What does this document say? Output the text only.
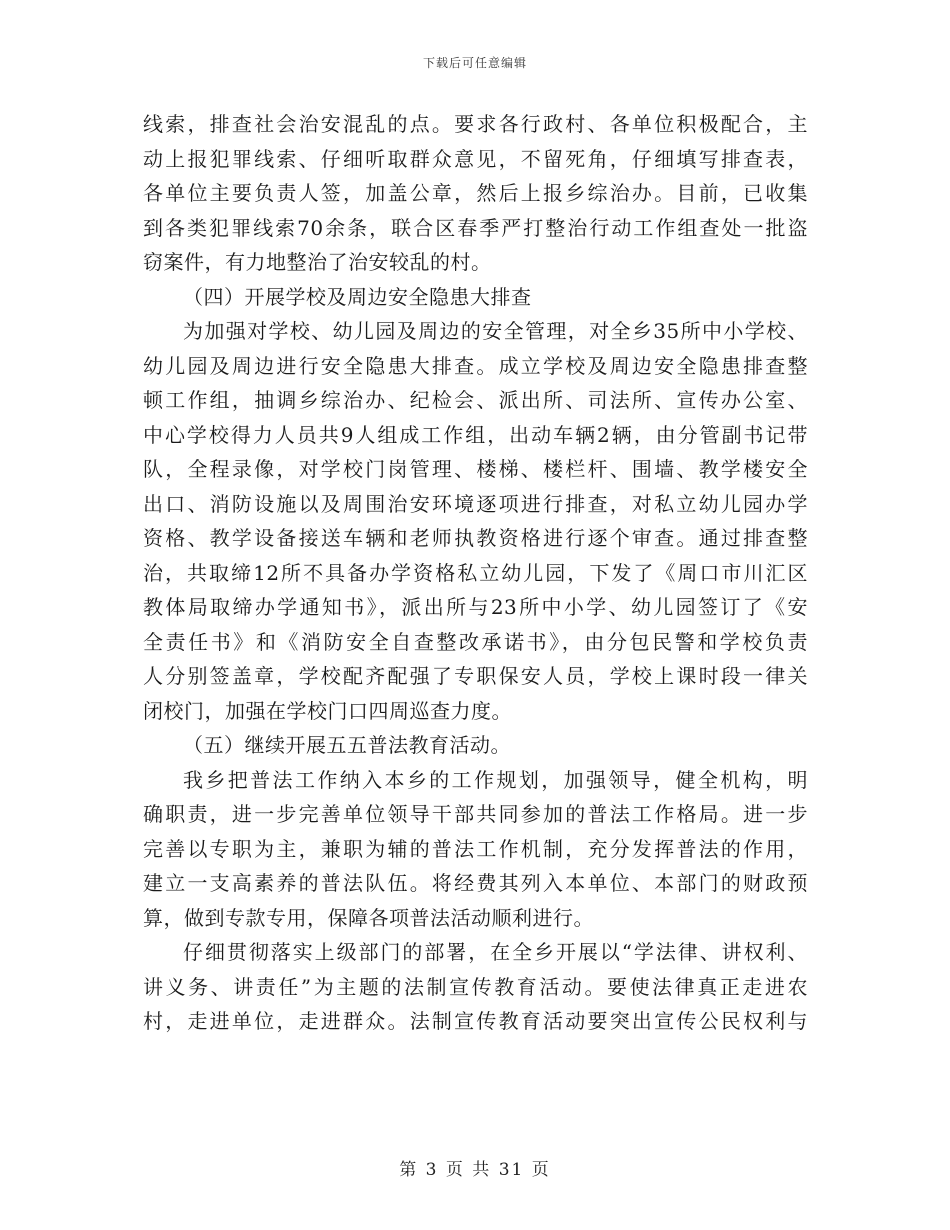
下载后可任意编辑
线索，排查社会治安混乱的点。要求各行政村、各单位积极配合，主
动上报犯罪线索、仔细听取群众意见，不留死角，仔细填写排查表，
各单位主要负责人签，加盖公章，然后上报乡综治办。目前，已收集
到各类犯罪线索70余条，联合区春季严打整治行动工作组查处一批盗
窃案件，有力地整治了治安较乱的村。
（四）开展学校及周边安全隐患大排查
为加强对学校、幼儿园及周边的安全管理，对全乡35所中小学校、
幼儿园及周边进行安全隐患大排查。成立学校及周边安全隐患排查整
顿工作组，抽调乡综治办、纪检会、派出所、司法所、宣传办公室、
中心学校得力人员共9人组成工作组，出动车辆2辆，由分管副书记带
队，全程录像，对学校门岗管理、楼梯、楼栏杆、围墙、教学楼安全
出口、消防设施以及周围治安环境逐项进行排查，对私立幼儿园办学
资格、教学设备接送车辆和老师执教资格进行逐个审查。通过排查整
治，共取缔12所不具备办学资格私立幼儿园，下发了《周口市川汇区
教体局取缔办学通知书》，派出所与23所中小学、幼儿园签订了《安
全责任书》和《消防安全自查整改承诺书》，由分包民警和学校负责
人分别签盖章，学校配齐配强了专职保安人员，学校上课时段一律关
闭校门，加强在学校门口四周巡查力度。
（五）继续开展五五普法教育活动。
我乡把普法工作纳入本乡的工作规划，加强领导，健全机构，明
确职责，进一步完善单位领导干部共同参加的普法工作格局。进一步
完善以专职为主，兼职为辅的普法工作机制，充分发挥普法的作用，
建立一支高素养的普法队伍。将经费其列入本单位、本部门的财政预
算，做到专款专用，保障各项普法活动顺利进行。
仔细贯彻落实上级部门的部署，在全乡开展以“学法律、讲权利、
讲义务、讲责任”为主题的法制宣传教育活动。要使法律真正走进农
村，走进单位，走进群众。法制宣传教育活动要突出宣传公民权利与
第 3 页 共 31 页
